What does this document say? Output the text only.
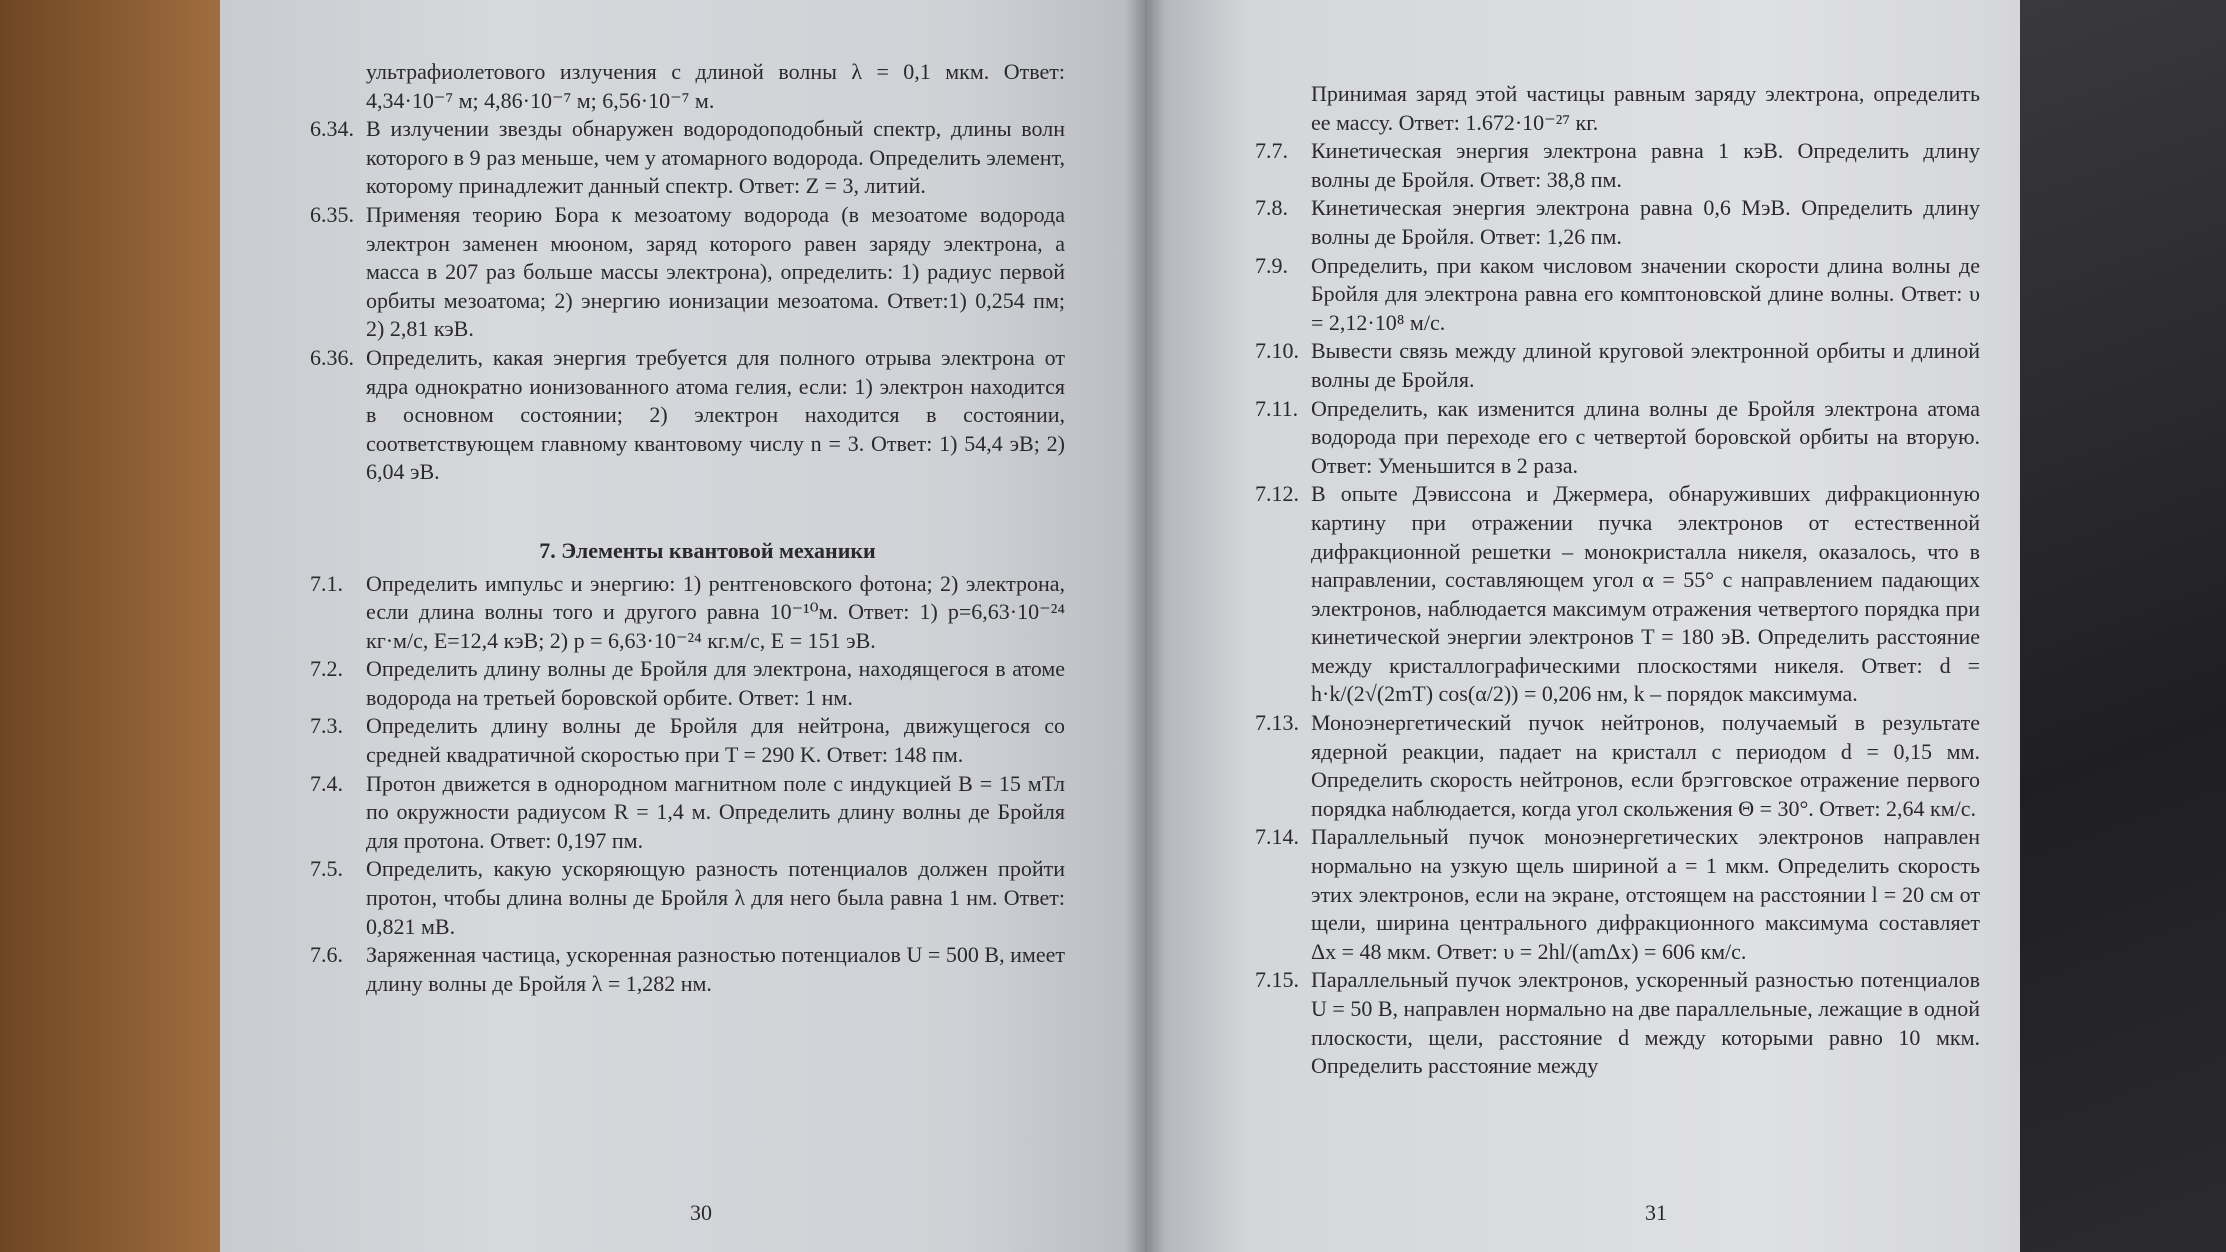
ультрафиолетового излучения с длиной волны λ = 0,1 мкм. Ответ: 4,34·10⁻⁷ м; 4,86·10⁻⁷ м; 6,56·10⁻⁷ м.
6.34. В излучении звезды обнаружен водородоподобный спектр, длины волн которого в 9 раз меньше, чем у атомарного водорода. Определить элемент, которому принадлежит данный спектр. Ответ: Z = 3, литий.
6.35. Применяя теорию Бора к мезоатому водорода (в мезоатоме водорода электрон заменен мюоном, заряд которого равен заряду электрона, а масса в 207 раз больше массы электрона), определить: 1) радиус первой орбиты мезоатома; 2) энергию ионизации мезоатома. Ответ:1) 0,254 пм; 2) 2,81 кэВ.
6.36. Определить, какая энергия требуется для полного отрыва электрона от ядра однократно ионизованного атома гелия, если: 1) электрон находится в основном состоянии; 2) электрон находится в состоянии, соответствующем главному квантовому числу n = 3. Ответ: 1) 54,4 эВ; 2) 6,04 эВ.
7. Элементы квантовой механики
7.1. Определить импульс и энергию: 1) рентгеновского фотона; 2) электрона, если длина волны того и другого равна 10⁻¹⁰м. Ответ: 1) p=6,63·10⁻²⁴ кг·м/с, E=12,4 кэВ; 2) p = 6,63·10⁻²⁴ кг.м/с, E = 151 эВ.
7.2. Определить длину волны де Бройля для электрона, находящегося в атоме водорода на третьей боровской орбите. Ответ: 1 нм.
7.3. Определить длину волны де Бройля для нейтрона, движущегося со средней квадратичной скоростью при T = 290 K. Ответ: 148 пм.
7.4. Протон движется в однородном магнитном поле с индукцией B = 15 мТл по окружности радиусом R = 1,4 м. Определить длину волны де Бройля для протона. Ответ: 0,197 пм.
7.5. Определить, какую ускоряющую разность потенциалов должен пройти протон, чтобы длина волны де Бройля λ для него была равна 1 нм. Ответ: 0,821 мВ.
7.6. Заряженная частица, ускоренная разностью потенциалов U = 500 В, имеет длину волны де Бройля λ = 1,282 нм.
30
Принимая заряд этой частицы равным заряду электрона, определить ее массу. Ответ: 1.672·10⁻²⁷ кг.
7.7. Кинетическая энергия электрона равна 1 кэВ. Определить длину волны де Бройля. Ответ: 38,8 пм.
7.8. Кинетическая энергия электрона равна 0,6 МэВ. Определить длину волны де Бройля. Ответ: 1,26 пм.
7.9. Определить, при каком числовом значении скорости длина волны де Бройля для электрона равна его комптоновской длине волны. Ответ: υ = 2,12·10⁸ м/с.
7.10. Вывести связь между длиной круговой электронной орбиты и длиной волны де Бройля.
7.11. Определить, как изменится длина волны де Бройля электрона атома водорода при переходе его с четвертой боровской орбиты на вторую. Ответ: Уменьшится в 2 раза.
7.12. В опыте Дэвиссона и Джермера, обнаруживших дифракционную картину при отражении пучка электронов от естественной дифракционной решетки – монокристалла никеля, оказалось, что в направлении, составляющем угол α = 55° с направлением падающих электронов, наблюдается максимум отражения четвертого порядка при кинетической энергии электронов T = 180 эВ. Определить расстояние между кристаллографическими плоскостями никеля. Ответ: d = h·k/(2√(2mT) cos(α/2)) = 0,206 нм, k – порядок максимума.
7.13. Моноэнергетический пучок нейтронов, получаемый в результате ядерной реакции, падает на кристалл с периодом d = 0,15 мм. Определить скорость нейтронов, если брэгговское отражение первого порядка наблюдается, когда угол скольжения Θ = 30°. Ответ: 2,64 км/с.
7.14. Параллельный пучок моноэнергетических электронов направлен нормально на узкую щель шириной a = 1 мкм. Определить скорость этих электронов, если на экране, отстоящем на расстоянии l = 20 см от щели, ширина центрального дифракционного максимума составляет Δx = 48 мкм. Ответ: υ = 2hl/(amΔx) = 606 км/с.
7.15. Параллельный пучок электронов, ускоренный разностью потенциалов U = 50 В, направлен нормально на две параллельные, лежащие в одной плоскости, щели, расстояние d между которыми равно 10 мкм. Определить расстояние между
31
